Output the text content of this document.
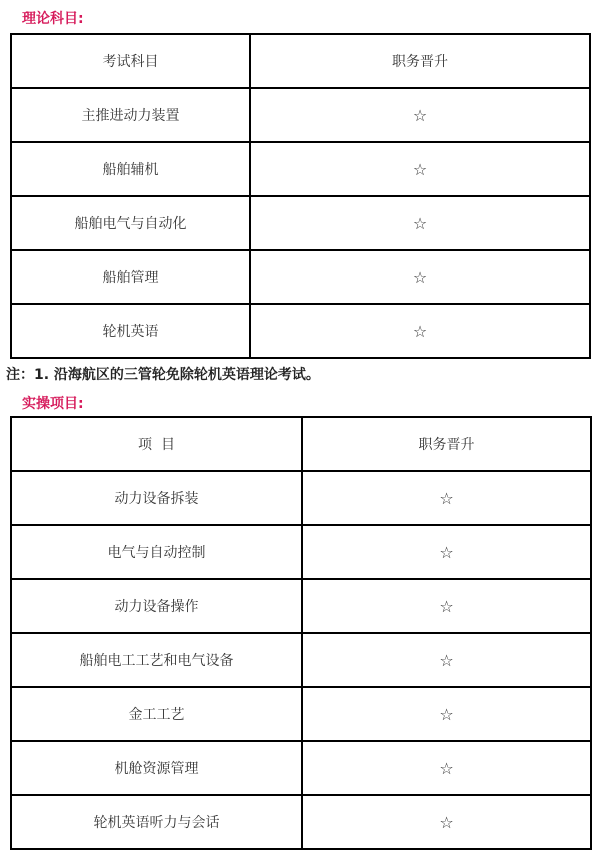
理论科目:
考试科目	职务晋升
主推进动力装置	☆
船舶辅机	☆
船舶电气与自动化	☆
船舶管理	☆
轮机英语	☆
注：1. 沿海航区的三管轮免除轮机英语理论考试。
实操项目:
项  目	职务晋升
动力设备拆装	☆
电气与自动控制	☆
动力设备操作	☆
船舶电工工艺和电气设备	☆
金工工艺	☆
机舱资源管理	☆
轮机英语听力与会话	☆
